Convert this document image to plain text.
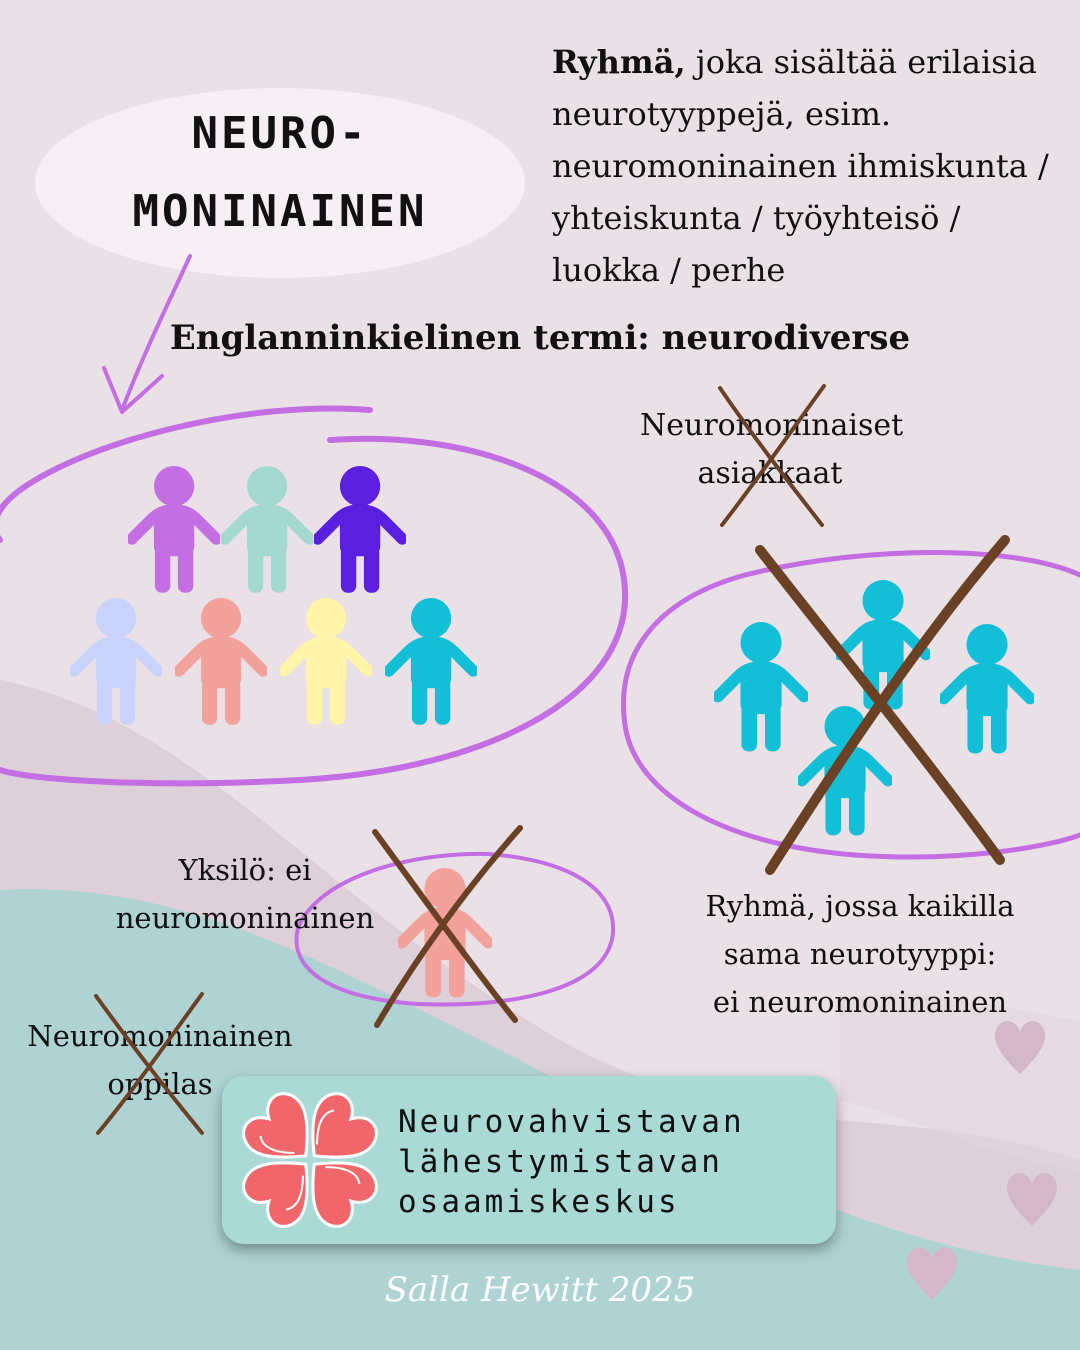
NEURO-
MONINAINEN
Ryhmä, joka sisältää erilaisia neurotyyppejä, esim. neuromoninainen ihmiskunta / yhteiskunta / työyhteisö / luokka / perhe
Englanninkielinen termi: neurodiverse
Yksilö: ei
neuromoninainen	Ryhmä, jossa kaikilla
sama neurotyyppi:
ei neuromoninainen
Neurovahvistavan
lähestymistavan
osaamiskeskus
Salla Hewitt 2025
Neuromoninaiset
asiakkaat
Neuromoninainen
oppilas
